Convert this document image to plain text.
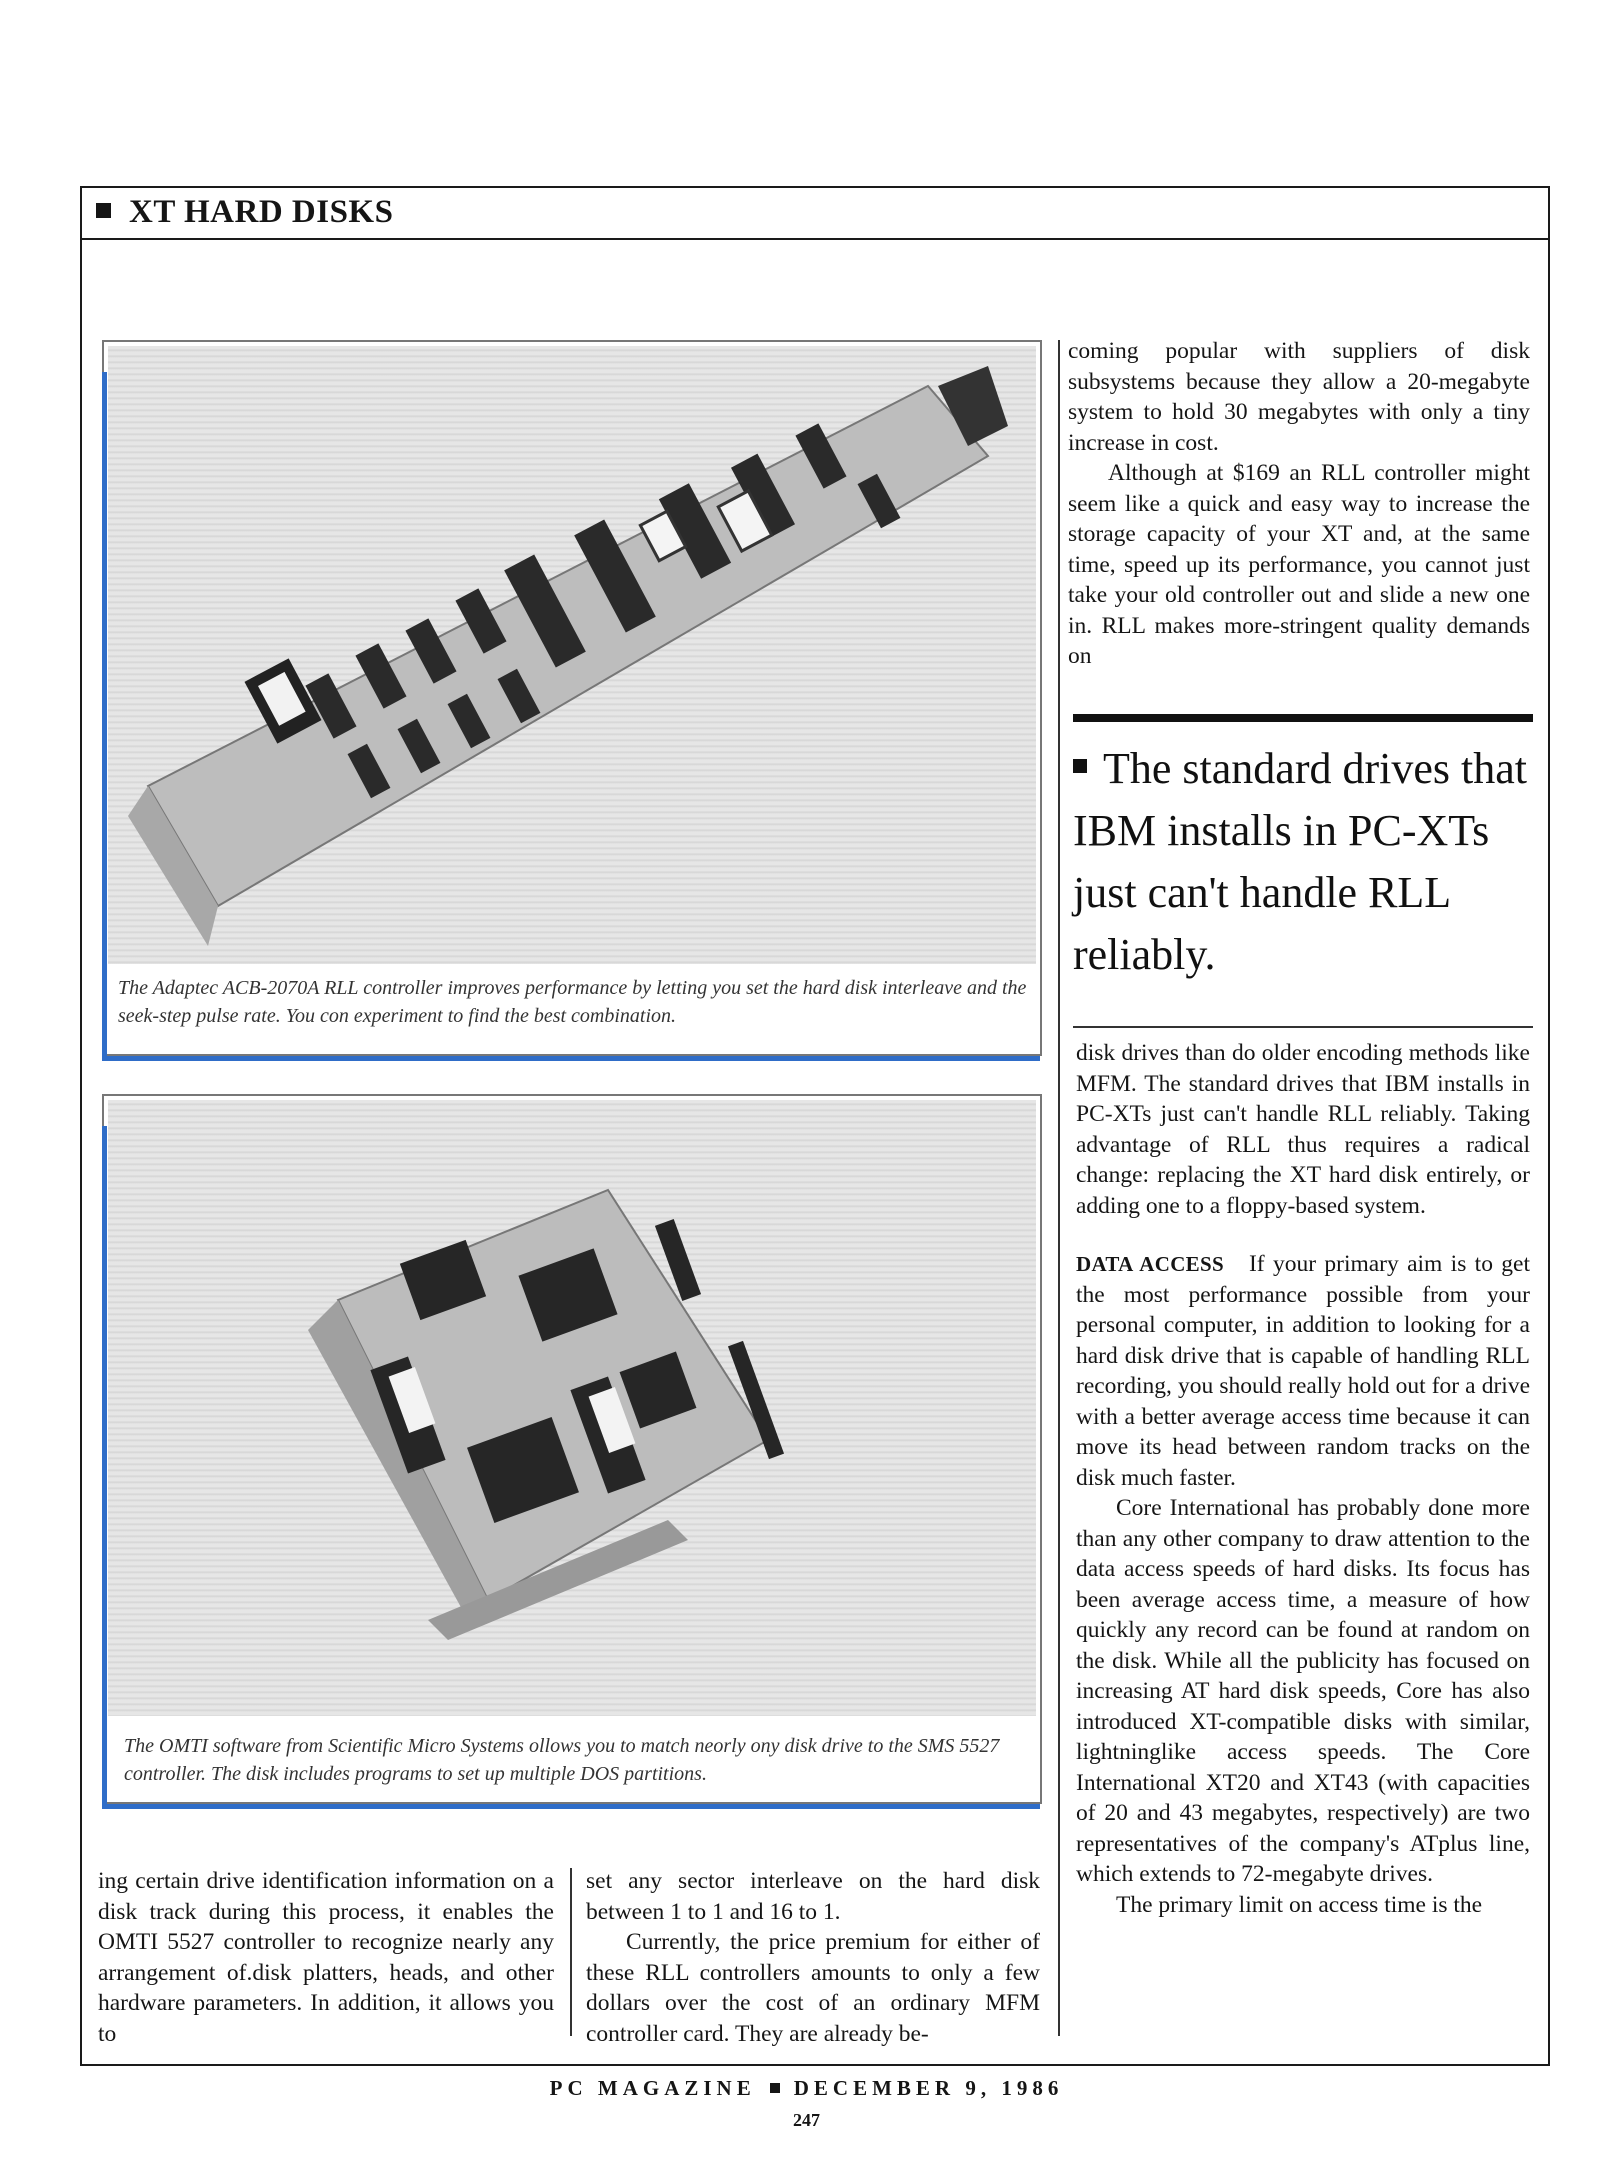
XT HARD DISKS
The Adaptec ACB-2070A RLL controller improves performance by letting you set the hard disk interleave and the seek-step pulse rate. You con experiment to find the best combination.
The OMTI software from Scientific Micro Systems ollows you to match neorly ony disk drive to the SMS 5527 controller. The disk includes programs to set up multiple DOS partitions.

ing certain drive identification information on a disk track during this process, it enables the OMTI 5527 controller to recognize nearly any arrangement of.disk platters, heads, and other hardware parameters. In addition, it allows you to

set any sector interleave on the hard disk between 1 to 1 and 16 to 1.

Currently, the price premium for either of these RLL controllers amounts to only a few dollars over the cost of an ordinary MFM controller card. They are already be-

coming popular with suppliers of disk subsystems because they allow a 20-megabyte system to hold 30 megabytes with only a tiny increase in cost.

Although at $169 an RLL controller might seem like a quick and easy way to increase the storage capacity of your XT and, at the same time, speed up its performance, you cannot just take your old controller out and slide a new one in. RLL makes more-stringent quality demands on

The standard drives that IBM installs in PC-XTs just can't handle RLL reliably.

disk drives than do older encoding methods like MFM. The standard drives that IBM installs in PC-XTs just can't handle RLL reliably. Taking advantage of RLL thus requires a radical change: replacing the XT hard disk entirely, or adding one to a floppy-based system.

DATA ACCESS If your primary aim is to get the most performance possible from your personal computer, in addition to looking for a hard disk drive that is capable of handling RLL recording, you should really hold out for a drive with a better average access time because it can move its head between random tracks on the disk much faster.

Core International has probably done more than any other company to draw attention to the data access speeds of hard disks. Its focus has been average access time, a measure of how quickly any record can be found at random on the disk. While all the publicity has focused on increasing AT hard disk speeds, Core has also introduced XT-compatible disks with similar, lightninglike access speeds. The Core International XT20 and XT43 (with capacities of 20 and 43 megabytes, respectively) are two representatives of the company's ATplus line, which extends to 72-megabyte drives.

The primary limit on access time is the

PC MAGAZINE DECEMBER 9, 1986
247
